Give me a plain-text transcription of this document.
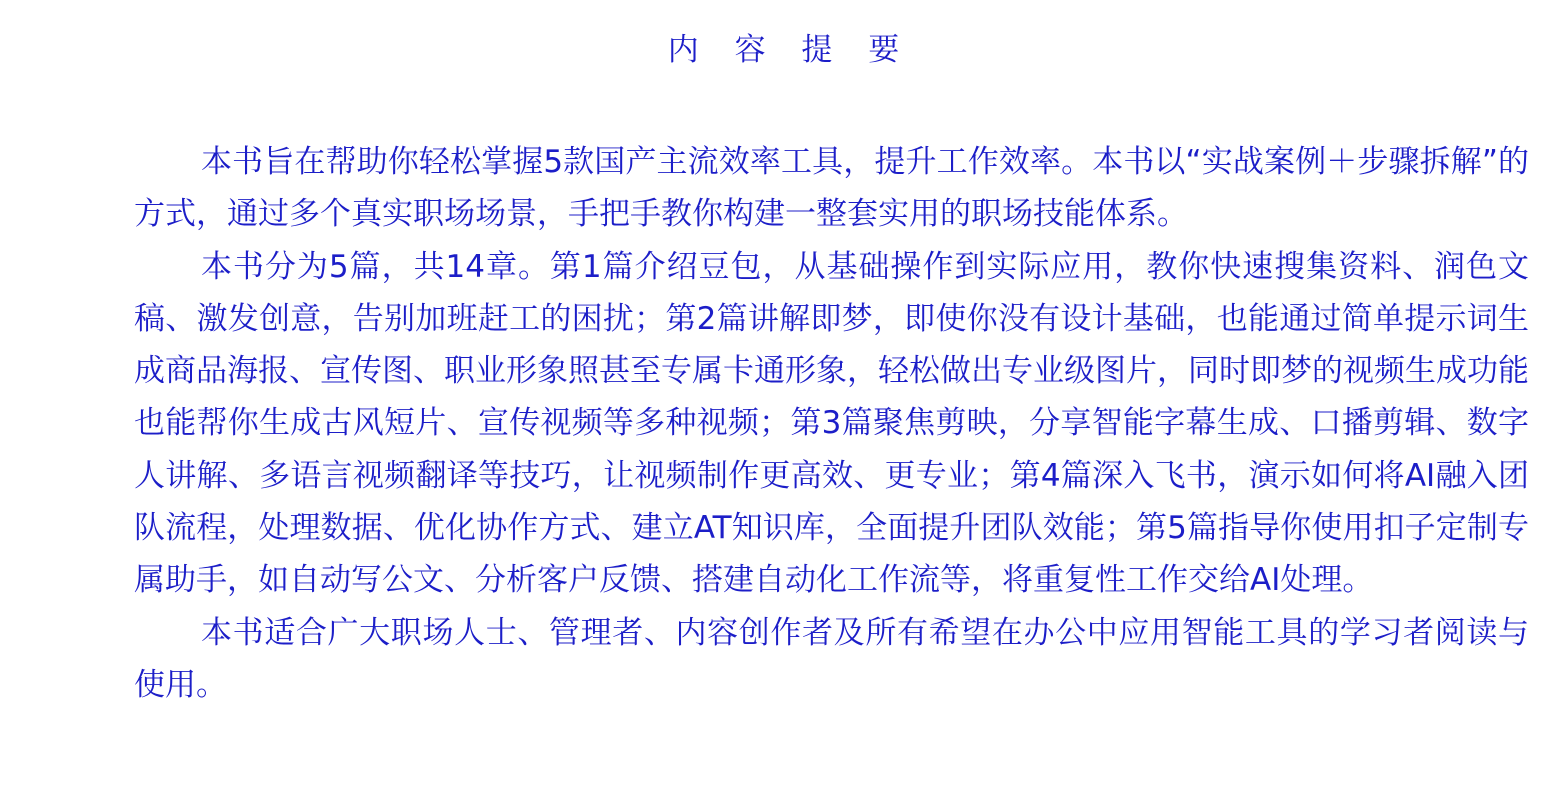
内 容 提 要

本书旨在帮助你轻松掌握5款国产主流效率工具，提升工作效率。本书以“实战案例＋步骤拆解”的方式，通过多个真实职场场景，手把手教你构建一整套实用的职场技能体系。

本书分为5篇，共14章。第1篇介绍豆包，从基础操作到实际应用，教你快速搜集资料、润色文稿、激发创意，告别加班赶工的困扰；第2篇讲解即梦，即使你没有设计基础，也能通过简单提示词生成商品海报、宣传图、职业形象照甚至专属卡通形象，轻松做出专业级图片，同时即梦的视频生成功能也能帮你生成古风短片、宣传视频等多种视频；第3篇聚焦剪映，分享智能字幕生成、口播剪辑、数字人讲解、多语言视频翻译等技巧，让视频制作更高效、更专业；第4篇深入飞书，演示如何将AI融入团队流程，处理数据、优化协作方式、建立AT知识库，全面提升团队效能；第5篇指导你使用扣子定制专属助手，如自动写公文、分析客户反馈、搭建自动化工作流等，将重复性工作交给AI处理。

本书适合广大职场人士、管理者、内容创作者及所有希望在办公中应用智能工具的学习者阅读与使用。
